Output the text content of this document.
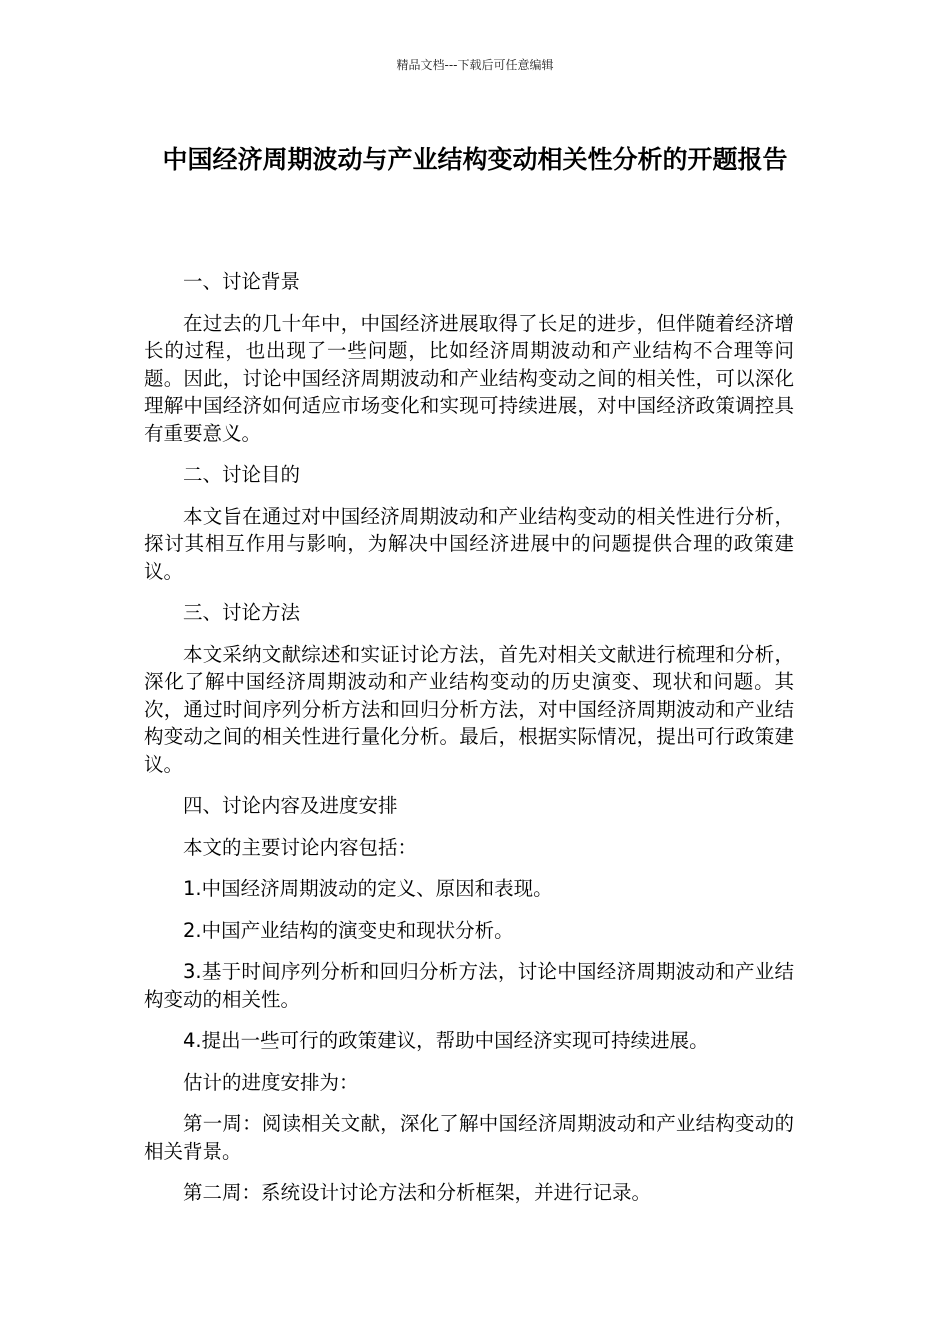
精品文档---下载后可任意编辑
中国经济周期波动与产业结构变动相关性分析的开题报告

一、讨论背景

在过去的几十年中，中国经济进展取得了长足的进步，但伴随着经济增长的过程，也出现了一些问题，比如经济周期波动和产业结构不合理等问题。因此，讨论中国经济周期波动和产业结构变动之间的相关性，可以深化理解中国经济如何适应市场变化和实现可持续进展，对中国经济政策调控具有重要意义。

二、讨论目的

本文旨在通过对中国经济周期波动和产业结构变动的相关性进行分析，探讨其相互作用与影响，为解决中国经济进展中的问题提供合理的政策建议。

三、讨论方法

本文采纳文献综述和实证讨论方法，首先对相关文献进行梳理和分析，深化了解中国经济周期波动和产业结构变动的历史演变、现状和问题。其次，通过时间序列分析方法和回归分析方法，对中国经济周期波动和产业结构变动之间的相关性进行量化分析。最后，根据实际情况，提出可行政策建议。

四、讨论内容及进度安排

本文的主要讨论内容包括：

1.中国经济周期波动的定义、原因和表现。

2.中国产业结构的演变史和现状分析。

3.基于时间序列分析和回归分析方法，讨论中国经济周期波动和产业结构变动的相关性。

4.提出一些可行的政策建议，帮助中国经济实现可持续进展。

估计的进度安排为：

第一周：阅读相关文献，深化了解中国经济周期波动和产业结构变动的相关背景。

第二周：系统设计讨论方法和分析框架，并进行记录。
